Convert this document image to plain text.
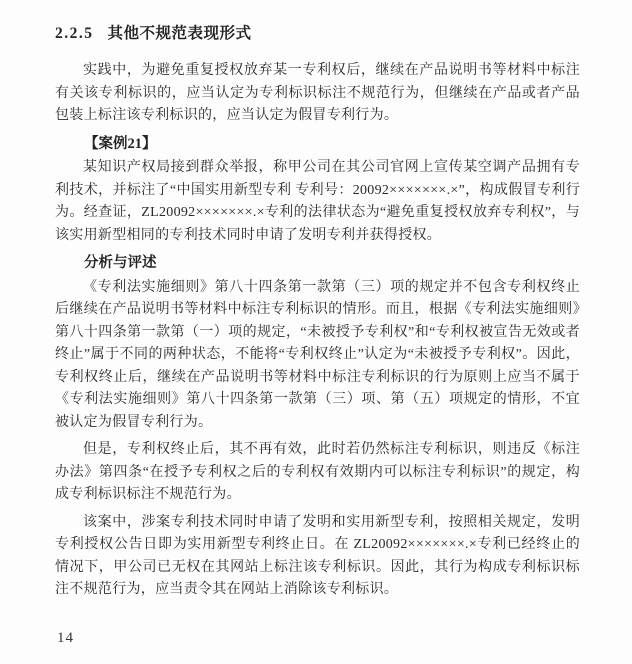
2.2.5 其他不规范表现形式

实践中，为避免重复授权放弃某一专利权后，继续在产品说明书等材料中标注有关该专利标识的，应当认定为专利标识标注不规范行为，但继续在产品或者产品包装上标注该专利标识的，应当认定为假冒专利行为。

【案例21】

某知识产权局接到群众举报，称甲公司在其公司官网上宣传某空调产品拥有专利技术，并标注了“中国实用新型专利 专利号：20092×××××××.×”，构成假冒专利行为。经查证，ZL20092×××××××.×专利的法律状态为“避免重复授权放弃专利权”，与该实用新型相同的专利技术同时申请了发明专利并获得授权。

分析与评述

《专利法实施细则》第八十四条第一款第（三）项的规定并不包含专利权终止后继续在产品说明书等材料中标注专利标识的情形。而且，根据《专利法实施细则》第八十四条第一款第（一）项的规定，“未被授予专利权”和“专利权被宣告无效或者终止”属于不同的两种状态，不能将“专利权终止”认定为“未被授予专利权”。因此，专利权终止后，继续在产品说明书等材料中标注专利标识的行为原则上应当不属于《专利法实施细则》第八十四条第一款第（三）项、第（五）项规定的情形，不宜被认定为假冒专利行为。

但是，专利权终止后，其不再有效，此时若仍然标注专利标识，则违反《标注办法》第四条“在授予专利权之后的专利权有效期内可以标注专利标识”的规定，构成专利标识标注不规范行为。

该案中，涉案专利技术同时申请了发明和实用新型专利，按照相关规定，发明专利授权公告日即为实用新型专利终止日。在 ZL20092×××××××.×专利已经终止的情况下，甲公司已无权在其网站上标注该专利标识。因此，其行为构成专利标识标注不规范行为，应当责令其在网站上消除该专利标识。

14
